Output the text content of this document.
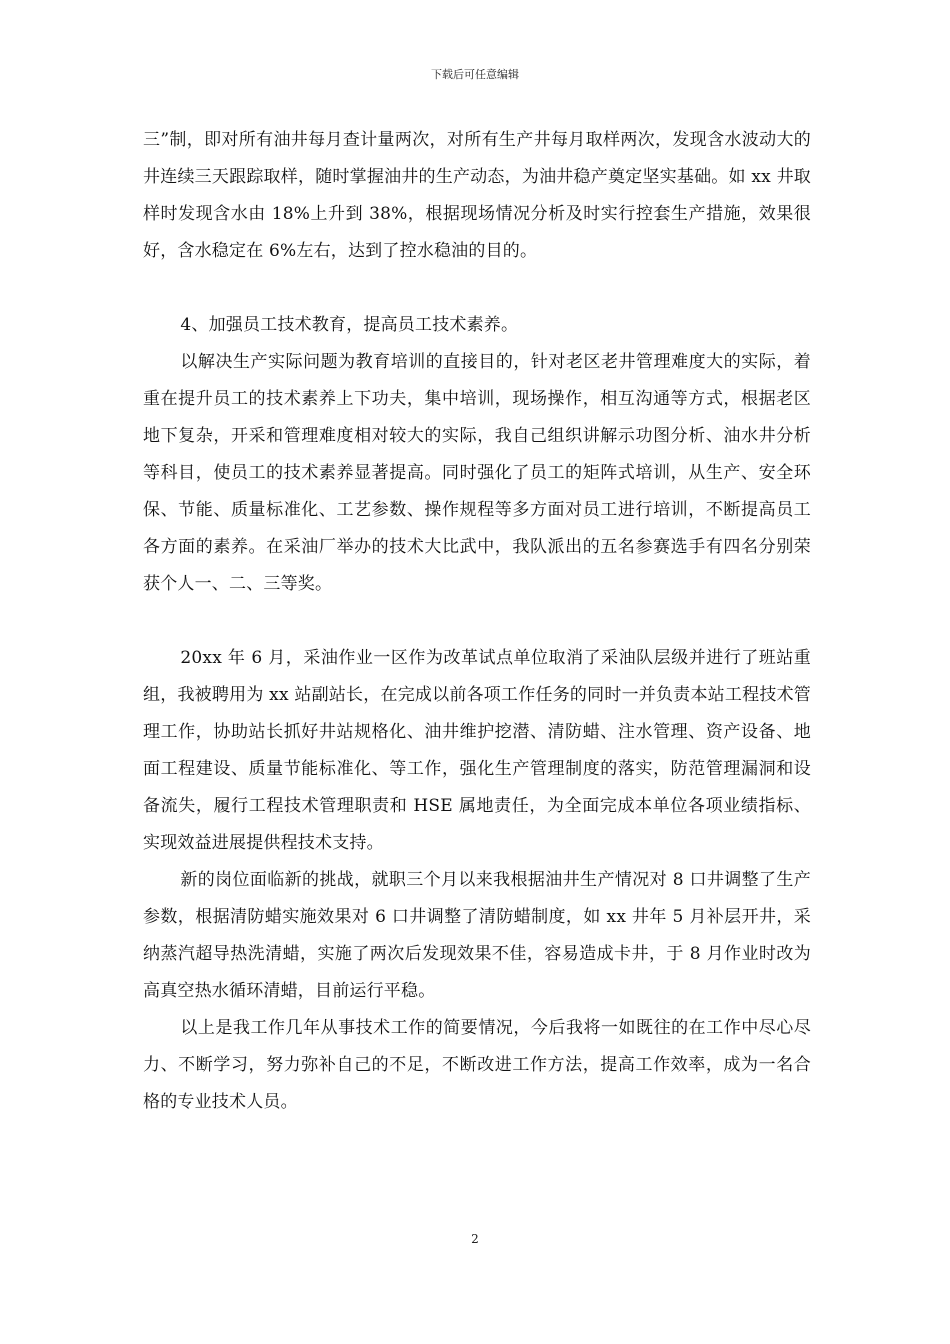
下载后可任意编辑

三”制，即对所有油井每月查计量两次，对所有生产井每月取样两次，发现含水波动大的井连续三天跟踪取样，随时掌握油井的生产动态，为油井稳产奠定坚实基础。如 xx 井取样时发现含水由 18%上升到 38%，根据现场情况分析及时实行控套生产措施，效果很好，含水稳定在 6%左右，达到了控水稳油的目的。

4、加强员工技术教育，提高员工技术素养。

以解决生产实际问题为教育培训的直接目的，针对老区老井管理难度大的实际，着重在提升员工的技术素养上下功夫，集中培训，现场操作，相互沟通等方式，根据老区地下复杂，开采和管理难度相对较大的实际，我自己组织讲解示功图分析、油水井分析等科目，使员工的技术素养显著提高。同时强化了员工的矩阵式培训，从生产、安全环保、节能、质量标准化、工艺参数、操作规程等多方面对员工进行培训，不断提高员工各方面的素养。在采油厂举办的技术大比武中，我队派出的五名参赛选手有四名分别荣获个人一、二、三等奖。

20xx 年 6 月，采油作业一区作为改革试点单位取消了采油队层级并进行了班站重组，我被聘用为 xx 站副站长，在完成以前各项工作任务的同时一并负责本站工程技术管理工作，协助站长抓好井站规格化、油井维护挖潜、清防蜡、注水管理、资产设备、地面工程建设、质量节能标准化、等工作，强化生产管理制度的落实，防范管理漏洞和设备流失，履行工程技术管理职责和 HSE 属地责任，为全面完成本单位各项业绩指标、实现效益进展提供程技术支持。

新的岗位面临新的挑战，就职三个月以来我根据油井生产情况对 8 口井调整了生产参数，根据清防蜡实施效果对 6 口井调整了清防蜡制度，如 xx 井年 5 月补层开井，采纳蒸汽超导热洗清蜡，实施了两次后发现效果不佳，容易造成卡井，于 8 月作业时改为高真空热水循环清蜡，目前运行平稳。

以上是我工作几年从事技术工作的简要情况，今后我将一如既往的在工作中尽心尽力、不断学习，努力弥补自己的不足，不断改进工作方法，提高工作效率，成为一名合格的专业技术人员。

2
